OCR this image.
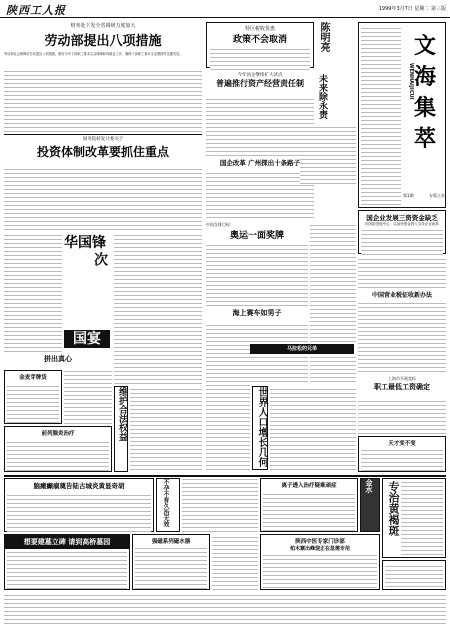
陕西工人报	1999年3月7日 星期二 第三版
财务处下发全省调研力度加大
劳动部提出八项措施
劳动和社会保障部日前提出八项措施，做好今年下岗职工基本生活保障和再就业工作，确保下岗职工基本生活费按时足额发放。
国务院转发计委关于
投资体制改革要抓住重点
华国锋
次
国宴
特区税收优惠
政策不会取消
今年国企继续扩大试点
普遍推行资产经营责任制
国企改革 广州探出十条路子
陈明亮
未来除永责
文
海
集
萃
WEN
HAI
JI
CUI
第1期	专版主办
国企业发展三资资金缺乏
国务院发展中心：以加快资金投入支持企业改革
中国营业税征收新办法
上海市开展竞标
职工最低工资确定
中国女排目标:
奥运一面奖牌
海上赛车如男子
马拉松的兄弟
拼出真心
金麦芽牌货
维护合法权益	世界人口增长几何
前列腺炎治疗
天才变不变
脑瘫癫痫奠告陆古城炎黄显奇胡	不孕不育久治无效	离子透入治疗疑难顽症	金水 专治黄褐斑
想要建墓立碑 请到高桥墓园	强磁系列磁水器	陕西中医专家门诊部
柏木寨出峰现正在急需专用
